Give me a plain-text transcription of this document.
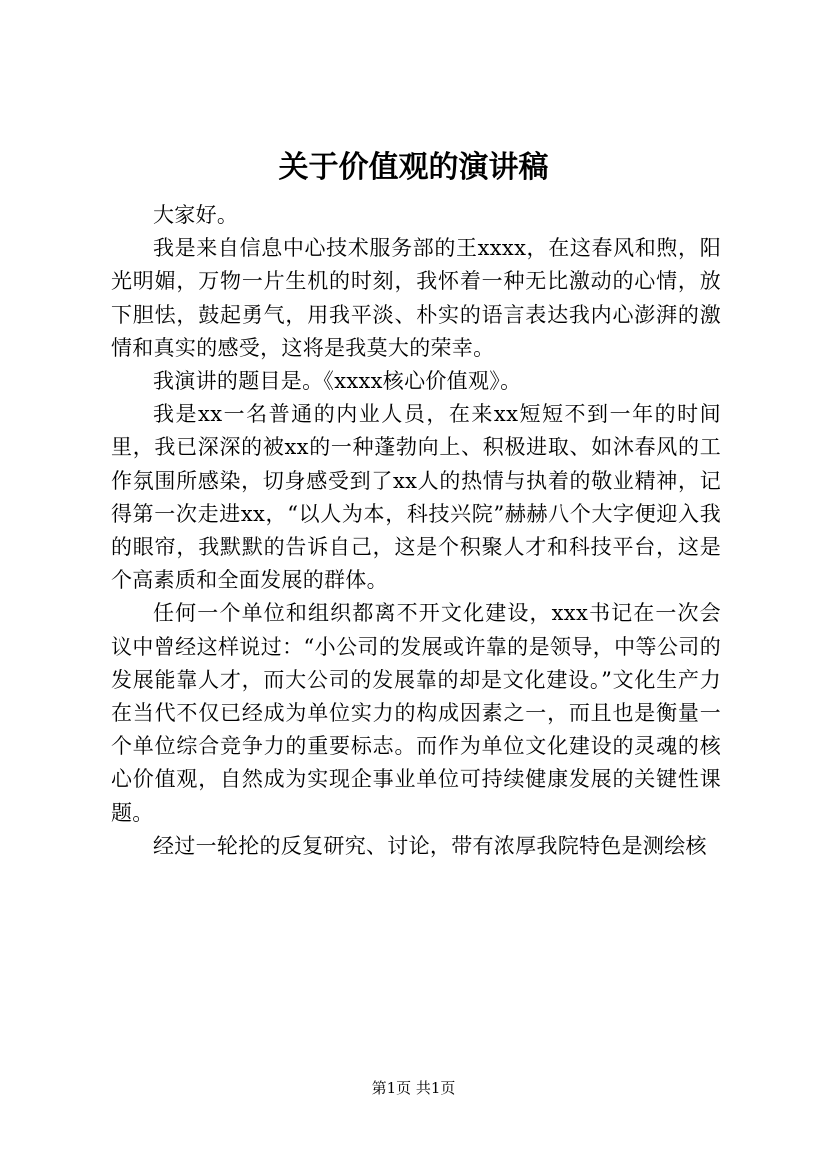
关于价值观的演讲稿

大家好。

我是来自信息中心技术服务部的王xxxx，在这春风和煦，阳光明媚，万物一片生机的时刻，我怀着一种无比激动的心情，放下胆怯，鼓起勇气，用我平淡、朴实的语言表达我内心澎湃的激情和真实的感受，这将是我莫大的荣幸。

我演讲的题目是。《xxxx核心价值观》。

我是xx一名普通的内业人员，在来xx短短不到一年的时间里，我已深深的被xx的一种蓬勃向上、积极进取、如沐春风的工作氛围所感染，切身感受到了xx人的热情与执着的敬业精神，记得第一次走进xx，“以人为本，科技兴院”赫赫八个大字便迎入我的眼帘，我默默的告诉自己，这是个积聚人才和科技平台，这是个高素质和全面发展的群体。

任何一个单位和组织都离不开文化建设，xxx书记在一次会议中曾经这样说过：“小公司的发展或许靠的是领导，中等公司的发展能靠人才，而大公司的发展靠的却是文化建设。”文化生产力在当代不仅已经成为单位实力的构成因素之一，而且也是衡量一个单位综合竞争力的重要标志。而作为单位文化建设的灵魂的核心价值观，自然成为实现企事业单位可持续健康发展的关键性课题。

经过一轮抡的反复研究、讨论，带有浓厚我院特色是测绘核

第1页 共1页
